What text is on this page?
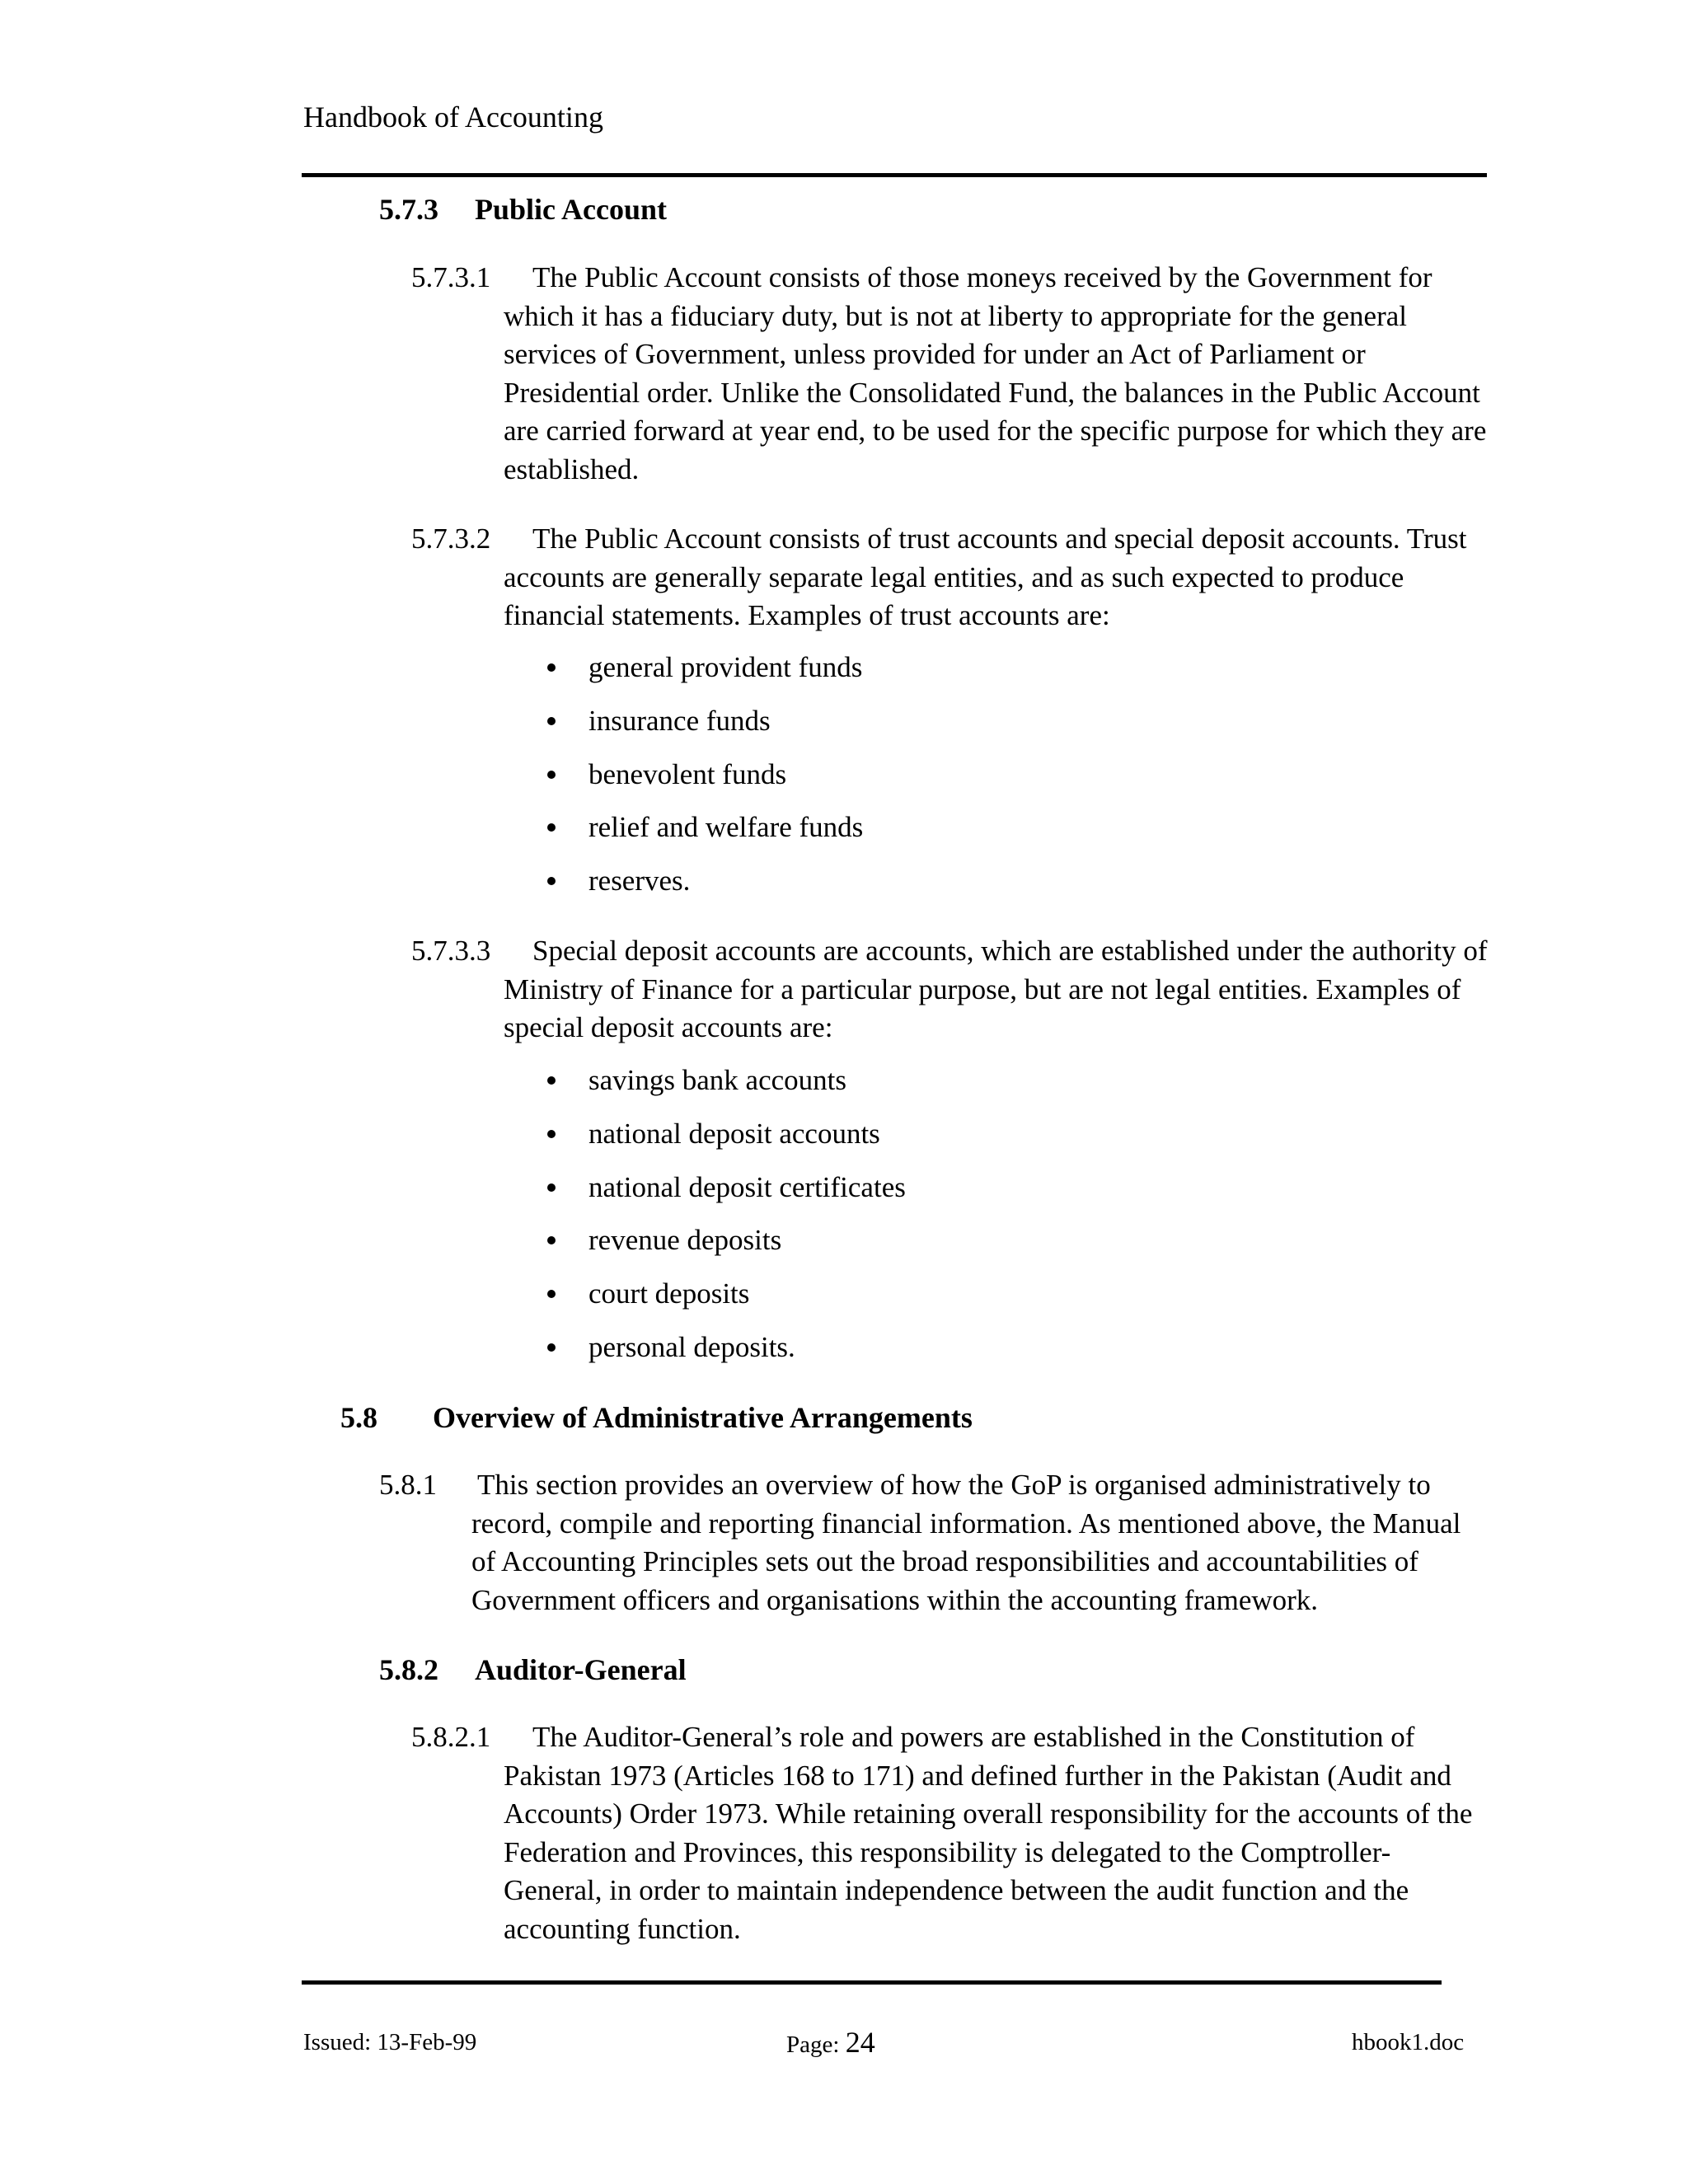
Handbook of Accounting
5.7.3 Public Account
5.7.3.1	The Public Account consists of those moneys received by the Government for which it has a fiduciary duty, but is not at liberty to appropriate for the general services of Government, unless provided for under an Act of Parliament or Presidential order. Unlike the Consolidated Fund, the balances in the Public Account are carried forward at year end, to be used for the specific purpose for which they are established.

5.7.3.2	The Public Account consists of trust accounts and special deposit accounts. Trust accounts are generally separate legal entities, and as such expected to produce financial statements. Examples of trust accounts are:

general provident funds
insurance funds
benevolent funds
relief and welfare funds
reserves.
5.7.3.3	Special deposit accounts are accounts, which are established under the authority of Ministry of Finance for a particular purpose, but are not legal entities. Examples of special deposit accounts are:

savings bank accounts
national deposit accounts
national deposit certificates
revenue deposits
court deposits
personal deposits.
5.8 Overview of Administrative Arrangements
5.8.1 This section provides an overview of how the GoP is organised administratively to record, compile and reporting financial information. As mentioned above, the Manual of Accounting Principles sets out the broad responsibilities and accountabilities of Government officers and organisations within the accounting framework.

5.8.2 Auditor-General
5.8.2.1	The Auditor-General’s role and powers are established in the Constitution of Pakistan 1973 (Articles 168 to 171) and defined further in the Pakistan (Audit and Accounts) Order 1973. While retaining overall responsibility for the accounts of the Federation and Provinces, this responsibility is delegated to the Comptroller-General, in order to maintain independence between the audit function and the accounting function.

Issued: 13-Feb-99	Page: 24	hbook1.doc
